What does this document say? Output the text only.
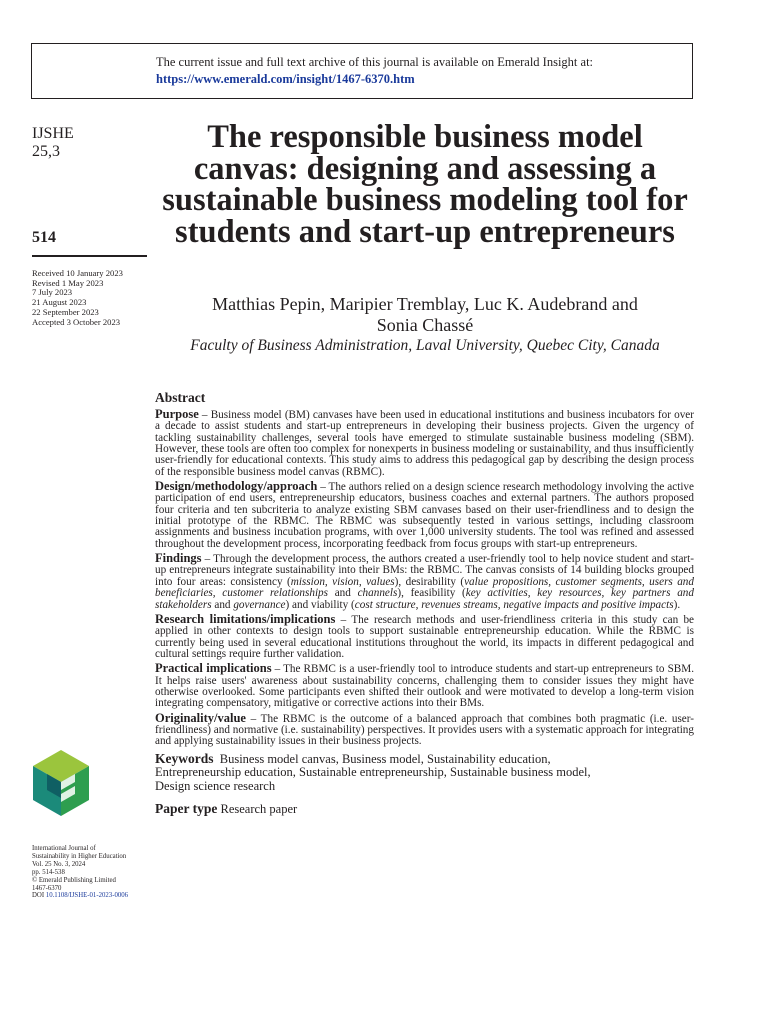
The current issue and full text archive of this journal is available on Emerald Insight at:
https://www.emerald.com/insight/1467-6370.htm
IJSHE
25,3
514
Received 10 January 2023
Revised 1 May 2023
7 July 2023
21 August 2023
22 September 2023
Accepted 3 October 2023
International Journal of
Sustainability in Higher Education
Vol. 25 No. 3, 2024
pp. 514-538
© Emerald Publishing Limited
1467-6370
DOI 10.1108/IJSHE-01-2023-0006
The responsible business model canvas: designing and assessing a sustainable business modeling tool for students and start-up entrepreneurs
Matthias Pepin, Maripier Tremblay, Luc K. Audebrand and
Sonia Chassé
Faculty of Business Administration, Laval University, Quebec City, Canada
Abstract

Purpose – Business model (BM) canvases have been used in educational institutions and business incubators for over a decade to assist students and start-up entrepreneurs in developing their business projects. Given the urgency of tackling sustainability challenges, several tools have emerged to stimulate sustainable business modeling (SBM). However, these tools are often too complex for nonexperts in business modeling or sustainability, and thus insufficiently user-friendly for educational contexts. This study aims to address this pedagogical gap by describing the design process of the responsible business model canvas (RBMC).

Design/methodology/approach – The authors relied on a design science research methodology involving the active participation of end users, entrepreneurship educators, business coaches and external partners. The authors proposed four criteria and ten subcriteria to analyze existing SBM canvases based on their user-friendliness and to design the initial prototype of the RBMC. The RBMC was subsequently tested in various settings, including classroom assignments and business incubation programs, with over 1,000 university students. The tool was refined and assessed throughout the development process, incorporating feedback from focus groups with start-up entrepreneurs.

Findings – Through the development process, the authors created a user-friendly tool to help novice student and start-up entrepreneurs integrate sustainability into their BMs: the RBMC. The canvas consists of 14 building blocks grouped into four areas: consistency (mission, vision, values), desirability (value propositions, customer segments, users and beneficiaries, customer relationships and channels), feasibility (key activities, key resources, key partners and stakeholders and governance) and viability (cost structure, revenues streams, negative impacts and positive impacts).

Research limitations/implications – The research methods and user-friendliness criteria in this study can be applied in other contexts to design tools to support sustainable entrepreneurship education. While the RBMC is currently being used in several educational institutions throughout the world, its impacts in different pedagogical and cultural settings require further validation.

Practical implications – The RBMC is a user-friendly tool to introduce students and start-up entrepreneurs to SBM. It helps raise users' awareness about sustainability concerns, challenging them to consider issues they might have otherwise overlooked. Some participants even shifted their outlook and were motivated to develop a long-term vision integrating compensatory, mitigative or corrective actions into their BMs.

Originality/value – The RBMC is the outcome of a balanced approach that combines both pragmatic (i.e. user-friendliness) and normative (i.e. sustainability) perspectives. It provides users with a systematic approach for integrating and applying sustainability issues in their business projects.

Keywords Business model canvas, Business model, Sustainability education,
Entrepreneurship education, Sustainable entrepreneurship, Sustainable business model,
Design science research
Paper type Research paper
